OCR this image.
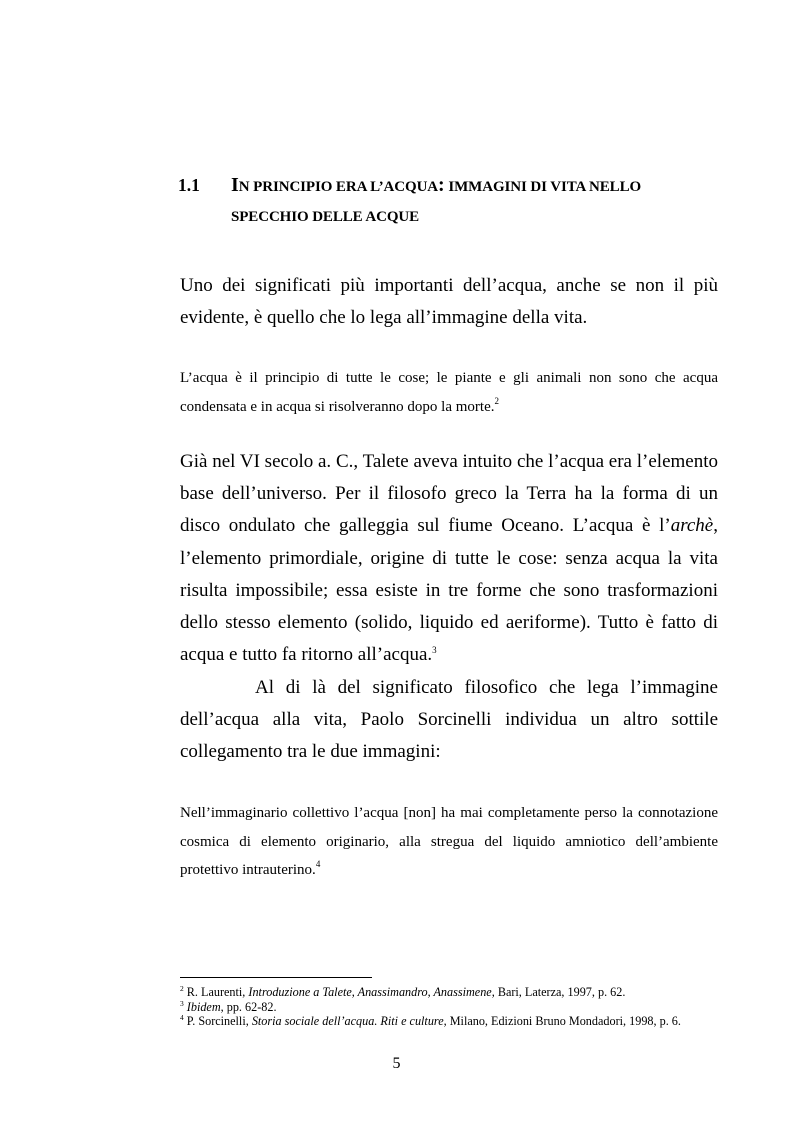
1.1 IN PRINCIPIO ERA L’ACQUA: IMMAGINI DI VITA NELLO
SPECCHIO DELLE ACQUE

Uno dei significati più importanti dell’acqua, anche se non il più evidente, è quello che lo lega all’immagine della vita.

L’acqua è il principio di tutte le cose; le piante e gli animali non sono che acqua condensata e in acqua si risolveranno dopo la morte.$^2$

Già nel VI secolo a. C., Talete aveva intuito che l’acqua era l’elemento base dell’universo. Per il filosofo greco la Terra ha la forma di un disco ondulato che galleggia sul fiume Oceano. L’acqua è l’archè, l’elemento primordiale, origine di tutte le cose: senza acqua la vita risulta impossibile; essa esiste in tre forme che sono trasformazioni dello stesso elemento (solido, liquido ed aeriforme). Tutto è fatto di acqua e tutto fa ritorno all’acqua.$^3$

Al di là del significato filosofico che lega l’immagine dell’acqua alla vita, Paolo Sorcinelli individua un altro sottile collegamento tra le due immagini:

Nell’immaginario collettivo l’acqua [non] ha mai completamente perso la connotazione cosmica di elemento originario, alla stregua del liquido amniotico dell’ambiente protettivo intrauterino.$^4$

$^2$ R. Laurenti, Introduzione a Talete, Anassimandro, Anassimene, Bari, Laterza, 1997, p. 62.

$^3$ Ibidem, pp. 62-82.

$^4$ P. Sorcinelli, Storia sociale dell’acqua. Riti e culture, Milano, Edizioni Bruno Mondadori, 1998, p. 6.

5
